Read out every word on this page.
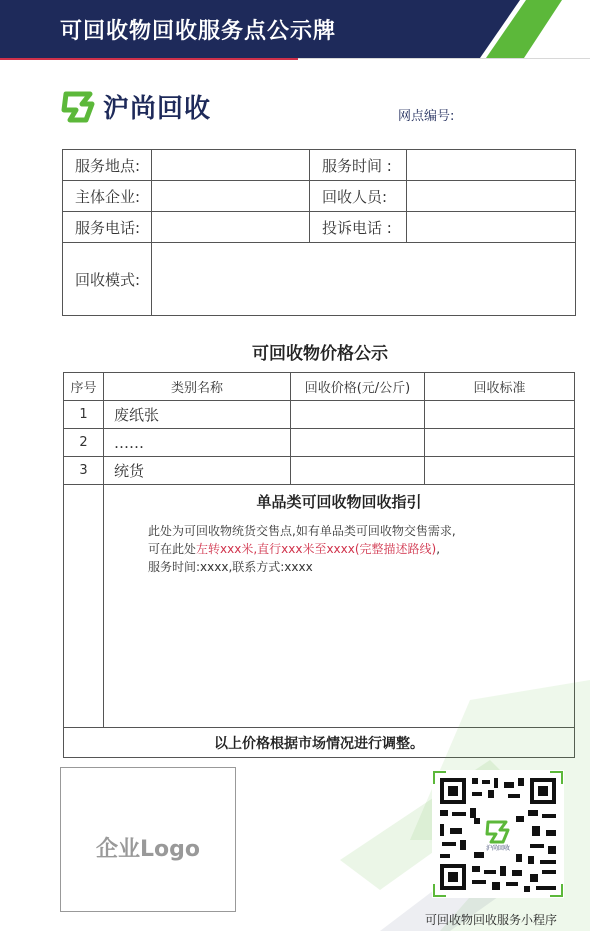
可回收物回收服务点公示牌
沪尚回收	网点编号:
服务地点:		服务时间 :	
主体企业:		回收人员:	
服务电话:		投诉电话 :	
回收模式:			
可回收物价格公示
序号	类别名称	回收价格(元/公斤)	回收标准
1	废纸张		
2	……		
3	统货		

	单品类可回收物回收指引
此处为可回收物统货交售点,如有单品类可回收物交售需求,
可在此处左转xxx米,直行xxx米至xxxx(完整描述路线),
服务时间:xxxx,联系方式:xxxx		

以上价格根据市场情况进行调整。			
企业Logo	沪尚回收
可回收物回收服务小程序
